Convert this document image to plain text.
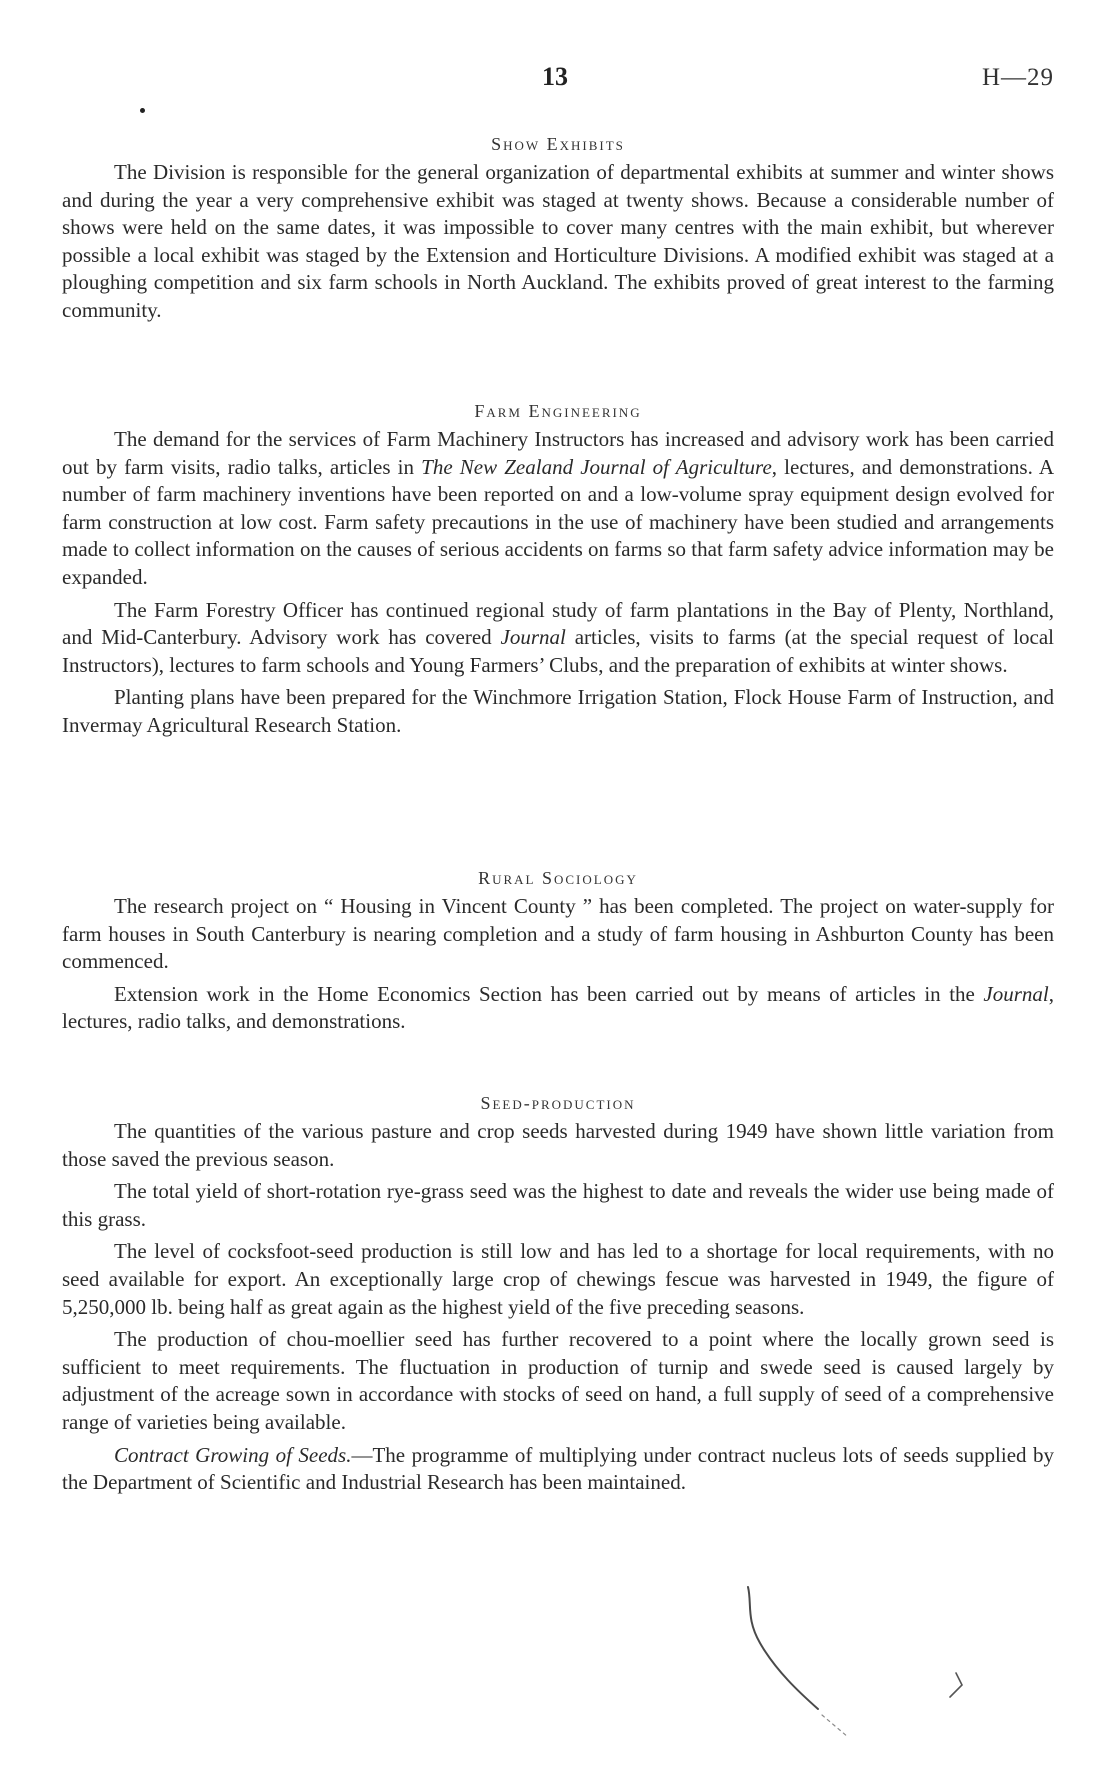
13	H—29
Show Exhibits

The Division is responsible for the general organization of departmental exhibits at summer and winter shows and during the year a very comprehensive exhibit was staged at twenty shows. Because a considerable number of shows were held on the same dates, it was impossible to cover many centres with the main exhibit, but wherever possible a local exhibit was staged by the Extension and Horticulture Divisions. A modified exhibit was staged at a ploughing competition and six farm schools in North Auckland. The exhibits proved of great interest to the farming community.

Farm Engineering

The demand for the services of Farm Machinery Instructors has increased and advisory work has been carried out by farm visits, radio talks, articles in The New Zealand Journal of Agriculture, lectures, and demonstrations. A number of farm machinery inventions have been reported on and a low-volume spray equipment design evolved for farm construction at low cost. Farm safety precautions in the use of machinery have been studied and arrangements made to collect information on the causes of serious accidents on farms so that farm safety advice information may be expanded.

The Farm Forestry Officer has continued regional study of farm plantations in the Bay of Plenty, Northland, and Mid-Canterbury. Advisory work has covered Journal articles, visits to farms (at the special request of local Instructors), lectures to farm schools and Young Farmers’ Clubs, and the preparation of exhibits at winter shows.

Planting plans have been prepared for the Winchmore Irrigation Station, Flock House Farm of Instruction, and Invermay Agricultural Research Station.

Rural Sociology

The research project on “ Housing in Vincent County ” has been completed. The project on water-supply for farm houses in South Canterbury is nearing completion and a study of farm housing in Ashburton County has been commenced.

Extension work in the Home Economics Section has been carried out by means of articles in the Journal, lectures, radio talks, and demonstrations.

Seed-production

The quantities of the various pasture and crop seeds harvested during 1949 have shown little variation from those saved the previous season.

The total yield of short-rotation rye-grass seed was the highest to date and reveals the wider use being made of this grass.

The level of cocksfoot-seed production is still low and has led to a shortage for local requirements, with no seed available for export. An exceptionally large crop of chewings fescue was harvested in 1949, the figure of 5,250,000 lb. being half as great again as the highest yield of the five preceding seasons.

The production of chou-moellier seed has further recovered to a point where the locally grown seed is sufficient to meet requirements. The fluctuation in production of turnip and swede seed is caused largely by adjustment of the acreage sown in accordance with stocks of seed on hand, a full supply of seed of a comprehensive range of varieties being available.

Contract Growing of Seeds.—The programme of multiplying under contract nucleus lots of seeds supplied by the Department of Scientific and Industrial Research has been maintained.
